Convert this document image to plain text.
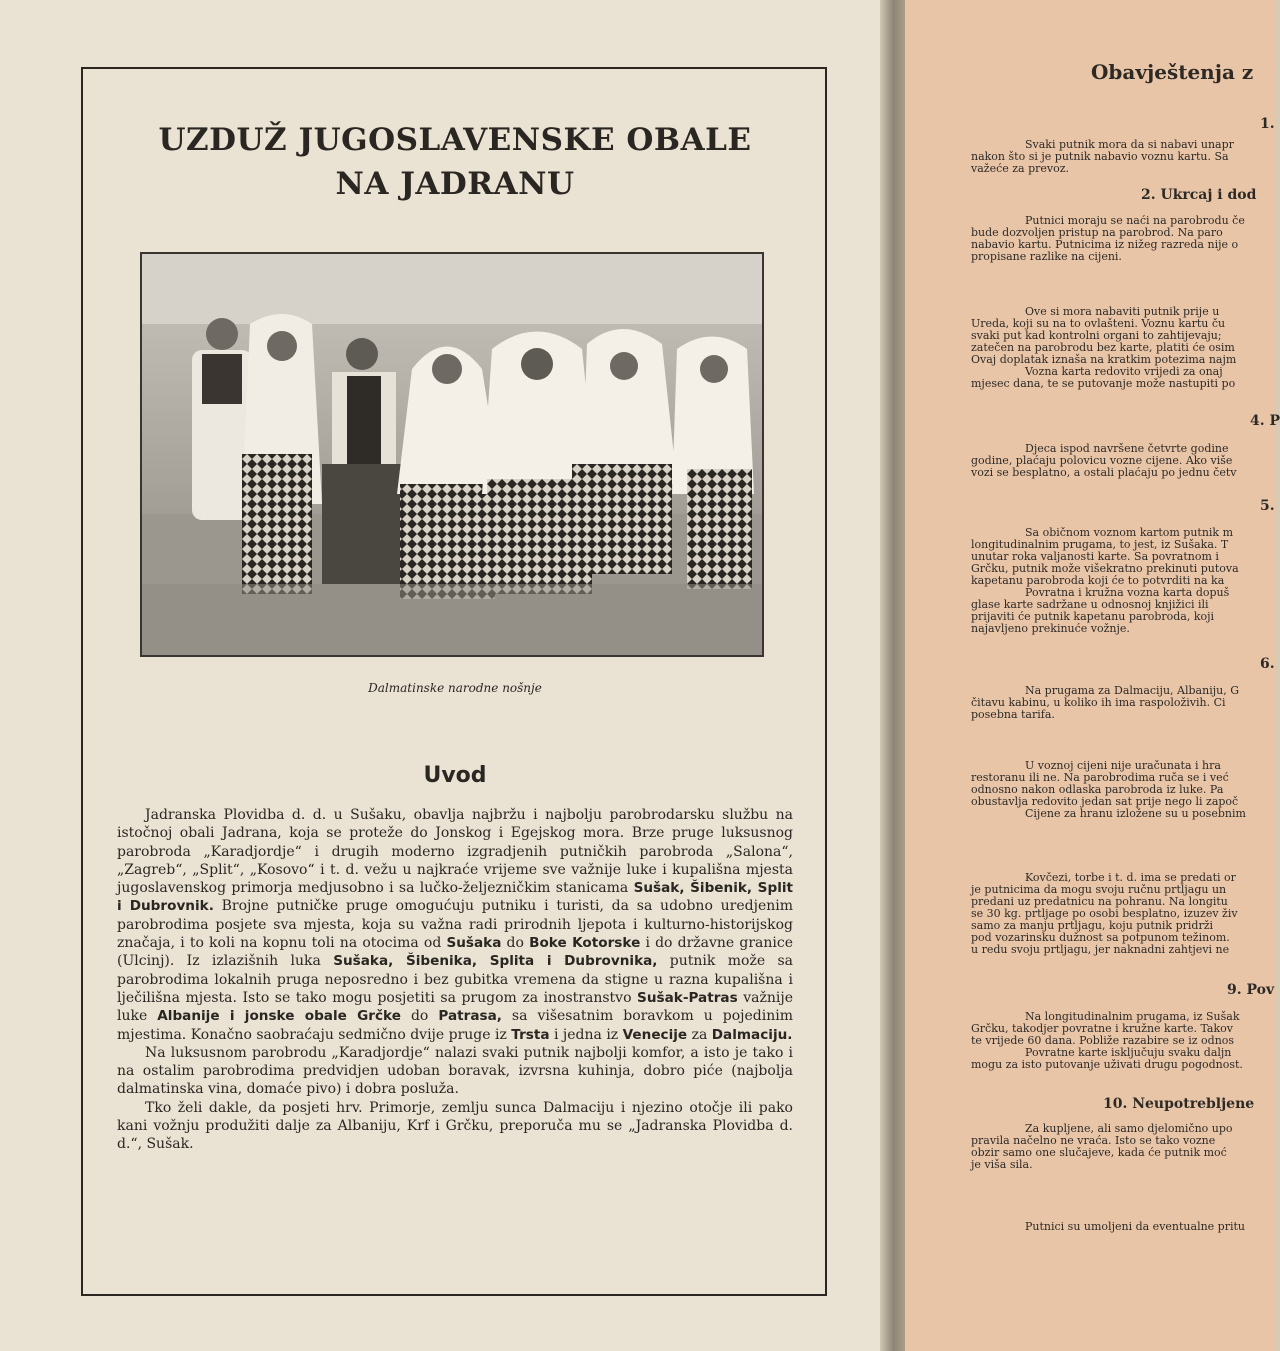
UZDUŽ JUGOSLAVENSKE OBALE
NA JADRANU
Dalmatinske narodne nošnje
Uvod

Jadranska Plovidba d. d. u Sušaku, obavlja najbržu i najbolju parobrodarsku službu na istočnoj obali Jadrana, koja se proteže do Jonskog i Egejskog mora. Brze pruge luksusnog parobroda „Karadjordje“ i drugih moderno izgradjenih putničkih parobroda „Salona“, „Zagreb“, „Split“, „Kosovo“ i t. d. vežu u najkraće vrijeme sve važnije luke i kupališna mjesta jugoslavenskog primorja medjusobno i sa lučko-željezničkim stanicama Sušak, Šibenik, Split i Dubrovnik. Brojne putničke pruge omogućuju putniku i turisti, da sa udobno uredjenim parobrodima posjete sva mjesta, koja su važna radi prirodnih ljepota i kulturno-historijskog značaja, i to koli na kopnu toli na otocima od Sušaka do Boke Kotorske i do državne granice (Ulcinj). Iz izlazišnih luka Sušaka, Šibenika, Splita i Dubrovnika, putnik može sa parobrodima lokalnih pruga neposredno i bez gubitka vremena da stigne u razna kupališna i lječilišna mjesta. Isto se tako mogu posjetiti sa prugom za inostranstvo Sušak-Patras važnije luke Albanije i jonske obale Grčke do Patrasa, sa višesatnim boravkom u pojedinim mjestima. Konačno saobraćaju sedmično dvije pruge iz Trsta i jedna iz Venecije za Dalmaciju.

Na luksusnom parobrodu „Karadjordje“ nalazi svaki putnik najbolji komfor, a isto je tako i na ostalim parobrodima predvidjen udoban boravak, izvrsna kuhinja, dobro piće (najbolja dalmatinska vina, domaće pivo) i dobra posluža.

Tko želi dakle, da posjeti hrv. Primorje, zemlju sunca Dalmaciju i njezino otočje ili pako kani vožnju produžiti dalje za Albaniju, Krf i Grčku, preporuča mu se „Jadranska Plovidba d. d.“, Sušak.

Obavještenja z
1.
Svaki putnik mora da si nabavi unapr
nakon što si je putnik nabavio voznu kartu. Sa
važeće za prevoz.
2. Ukrcaj i dod
Putnici moraju se naći na parobrodu če
bude dozvoljen pristup na parobrod. Na paro
nabavio kartu. Putnicima iz nižeg razreda nije o
propisane razlike na cijeni.
Ove si mora nabaviti putnik prije u
Ureda, koji su na to ovlašteni. Voznu kartu ču
svaki put kad kontrolni organi to zahtijevaju;
zatečen na parobrodu bez karte, platiti će osim
Ovaj doplatak iznaša na kratkim potezima najm
Vozna karta redovito vrijedi za onaj
mjesec dana, te se putovanje može nastupiti po
4. P
Djeca ispod navršene četvrte godine
godine, plaćaju polovicu vozne cijene. Ako više
vozi se besplatno, a ostali plaćaju po jednu četv
5.
Sa običnom voznom kartom putnik m
longitudinalnim prugama, to jest, iz Sušaka. T
unutar roka valjanosti karte. Sa povratnom i
Grčku, putnik može višekratno prekinuti putova
kapetanu parobroda koji će to potvrditi na ka
Povratna i kružna vozna karta dopuš
glase karte sadržane u odnosnoj knjižici ili
prijaviti će putnik kapetanu parobroda, koji
najavljeno prekinuće vožnje.
6.
Na prugama za Dalmaciju, Albaniju, G
čitavu kabinu, u koliko ih ima raspoloživih. Ci
posebna tarifa.
U voznoj cijeni nije uračunata i hra
restoranu ili ne. Na parobrodima ruča se i već
odnosno nakon odlaska parobroda iz luke. Pa
obustavlja redovito jedan sat prije nego li započ
Cijene za hranu izložene su u posebnim
Kovčezi, torbe i t. d. ima se predati or
je putnicima da mogu svoju ručnu prtljagu un
predani uz predatnicu na pohranu. Na longitu
se 30 kg. prtljage po osobi besplatno, izuzev živ
samo za manju prtljagu, koju putnik pridrži
pod vozarinsku dužnost sa potpunom težinom.
u redu svoju prtljagu, jer naknadni zahtjevi ne
9. Pov
Na longitudinalnim prugama, iz Sušak
Grčku, takodjer povratne i kružne karte. Takov
te vrijede 60 dana. Pobliže razabire se iz odnos
Povratne karte isključuju svaku daljn
mogu za isto putovanje uživati drugu pogodnost.
10. Neupotrebljene
Za kupljene, ali samo djelomično upo
pravila načelno ne vraća. Isto se tako vozne
obzir samo one slučajeve, kada će putnik moć
je viša sila.
Putnici su umoljeni da eventualne pritu
